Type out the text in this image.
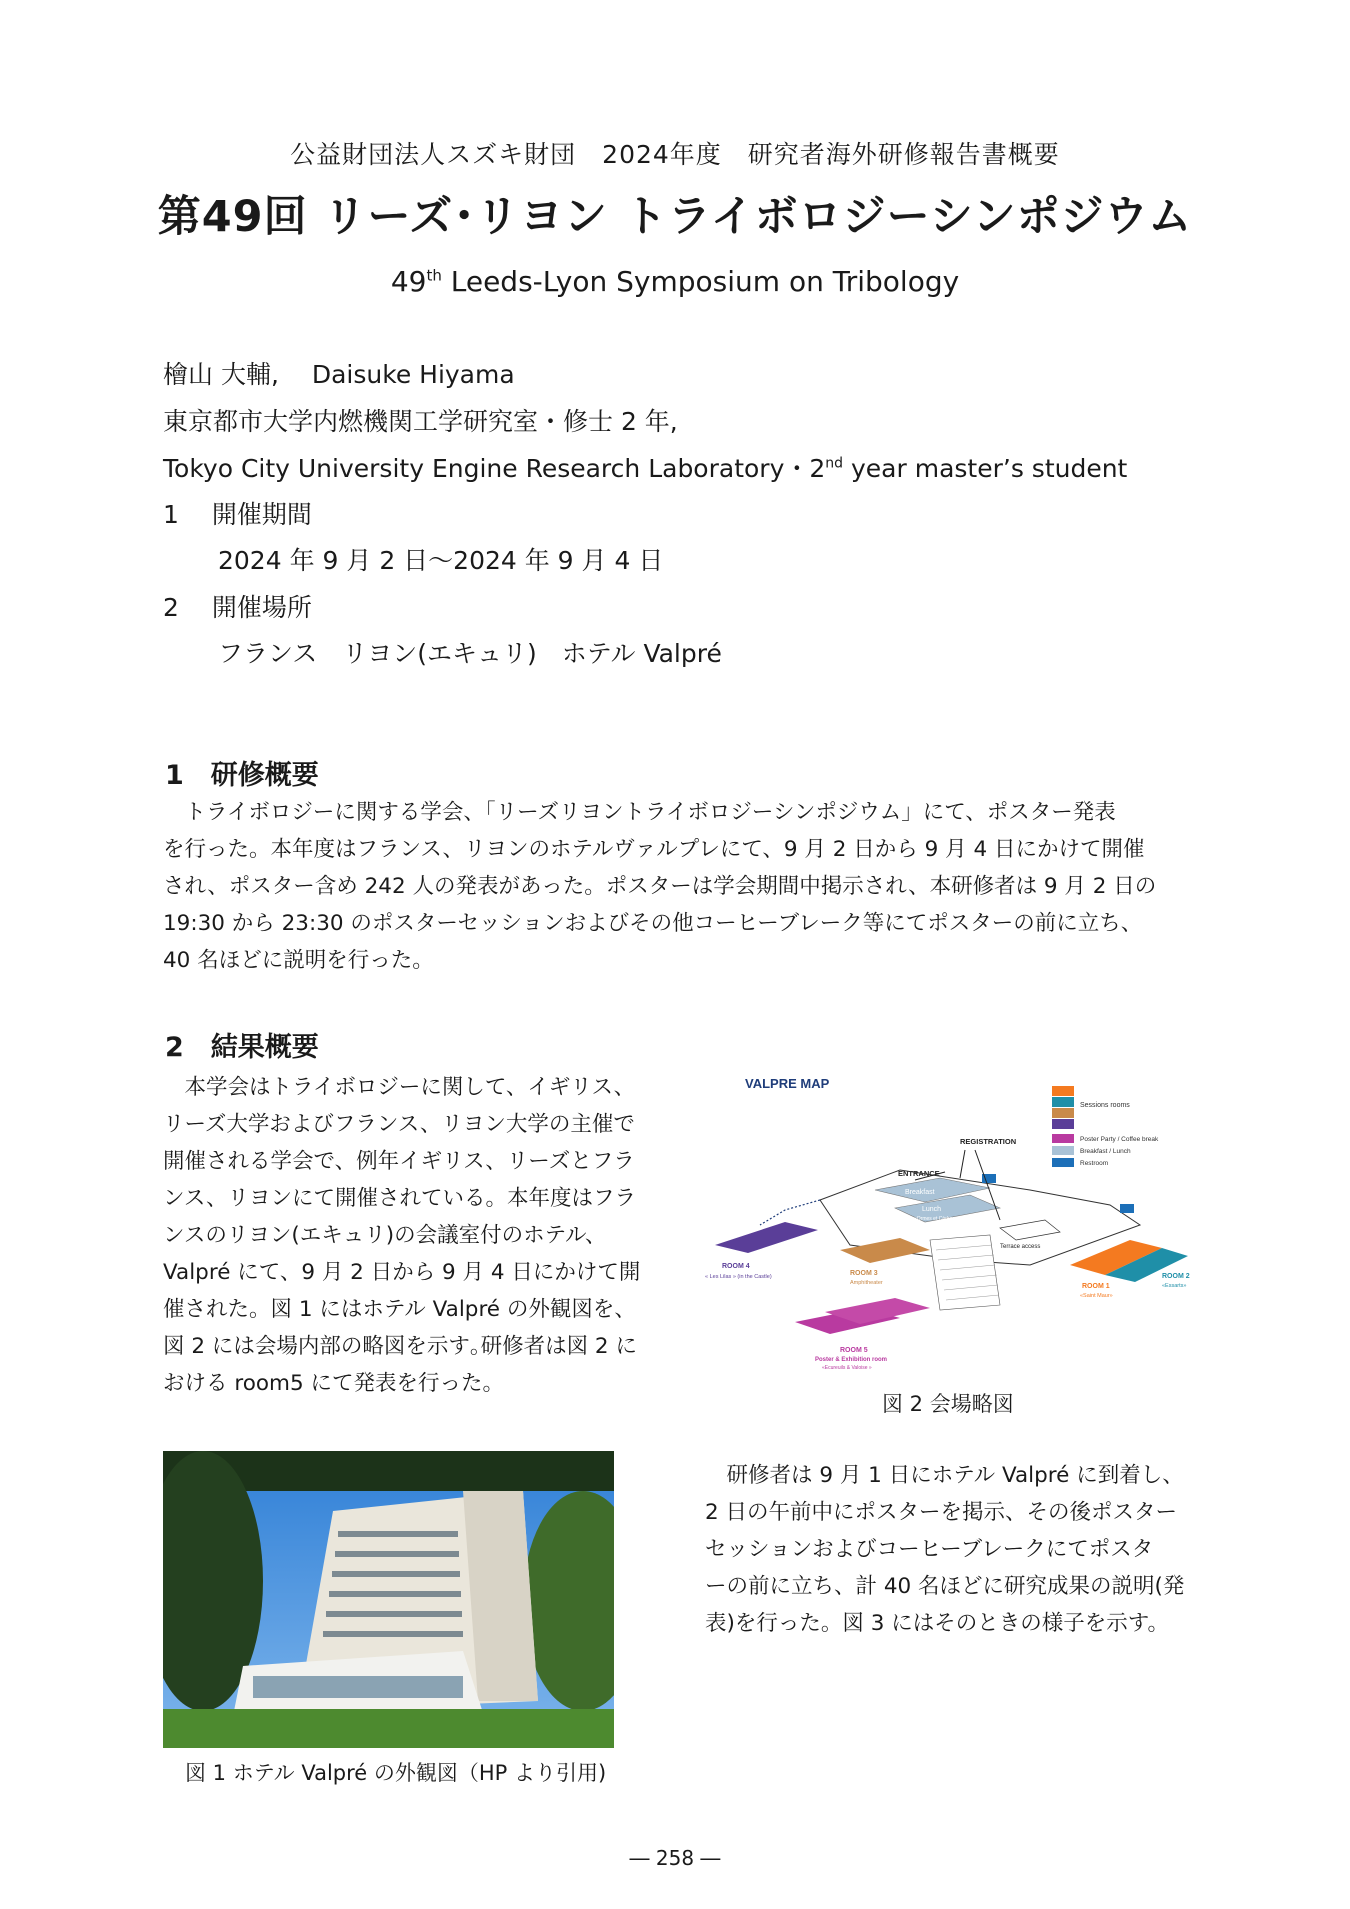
公益財団法人スズキ財団　2024年度　研究者海外研修報告書概要
第49回 リーズ･リヨン トライボロジーシンポジウム
49th Leeds-Lyon Symposium on Tribology
檜山 大輔,　 Daisuke Hiyama
東京都市大学内燃機関工学研究室・修士 2 年,
Tokyo City University Engine Research Laboratory・2nd year master’s student
1 　開催期間
2024 年 9 月 2 日～2024 年 9 月 4 日
2 　開催場所
フランス　リヨン(エキュリ)　ホテル Valpré
1　研修概要
　トライボロジーに関する学会、「リーズリヨントライボロジーシンポジウム」にて、ポスター発表
を行った。本年度はフランス、リヨンのホテルヴァルプレにて、9 月 2 日から 9 月 4 日にかけて開催
され、ポスター含め 242 人の発表があった。ポスターは学会期間中掲示され、本研修者は 9 月 2 日の
19:30 から 23:30 のポスターセッションおよびその他コーヒーブレーク等にてポスターの前に立ち、
40 名ほどに説明を行った。
2　結果概要
　本学会はトライボロジーに関して、イギリス、
リーズ大学およびフランス、リヨン大学の主催で
開催される学会で、例年イギリス、リーズとフラ
ンス、リヨンにて開催されている。本年度はフラ
ンスのリヨン(エキュリ)の会議室付のホテル、
Valpré にて、9 月 2 日から 9 月 4 日にかけて開
催された。図 1 にはホテル Valpré の外観図を、
図 2 には会場内部の略図を示す｡研修者は図 2 に
おける room5 にて発表を行った。
VALPRE MAP
Sessions rooms
Poster Party / Coffee break
Breakfast / Lunch
Restroom
REGISTRATION
ENTRANCE
Breakfast
Lunch
«Ormes et Cèdres»
Terrace access
ROOM 4
« Les Lilas » (in the Castle)	ROOM 3
Amphitheater	ROOM 1
«Saint Maur»
ROOM 2
«Essarts»
ROOM 5
Poster & Exhibition room
«Ecureuils & Valoise »
図 2 会場略図
図 1 ホテル Valpré の外観図（HP より引用)
　研修者は 9 月 1 日にホテル Valpré に到着し、
2 日の午前中にポスターを掲示、その後ポスター
セッションおよびコーヒーブレークにてポスタ
ーの前に立ち、計 40 名ほどに研究成果の説明(発
表)を行った。図 3 にはそのときの様子を示す。
― 258 ―
